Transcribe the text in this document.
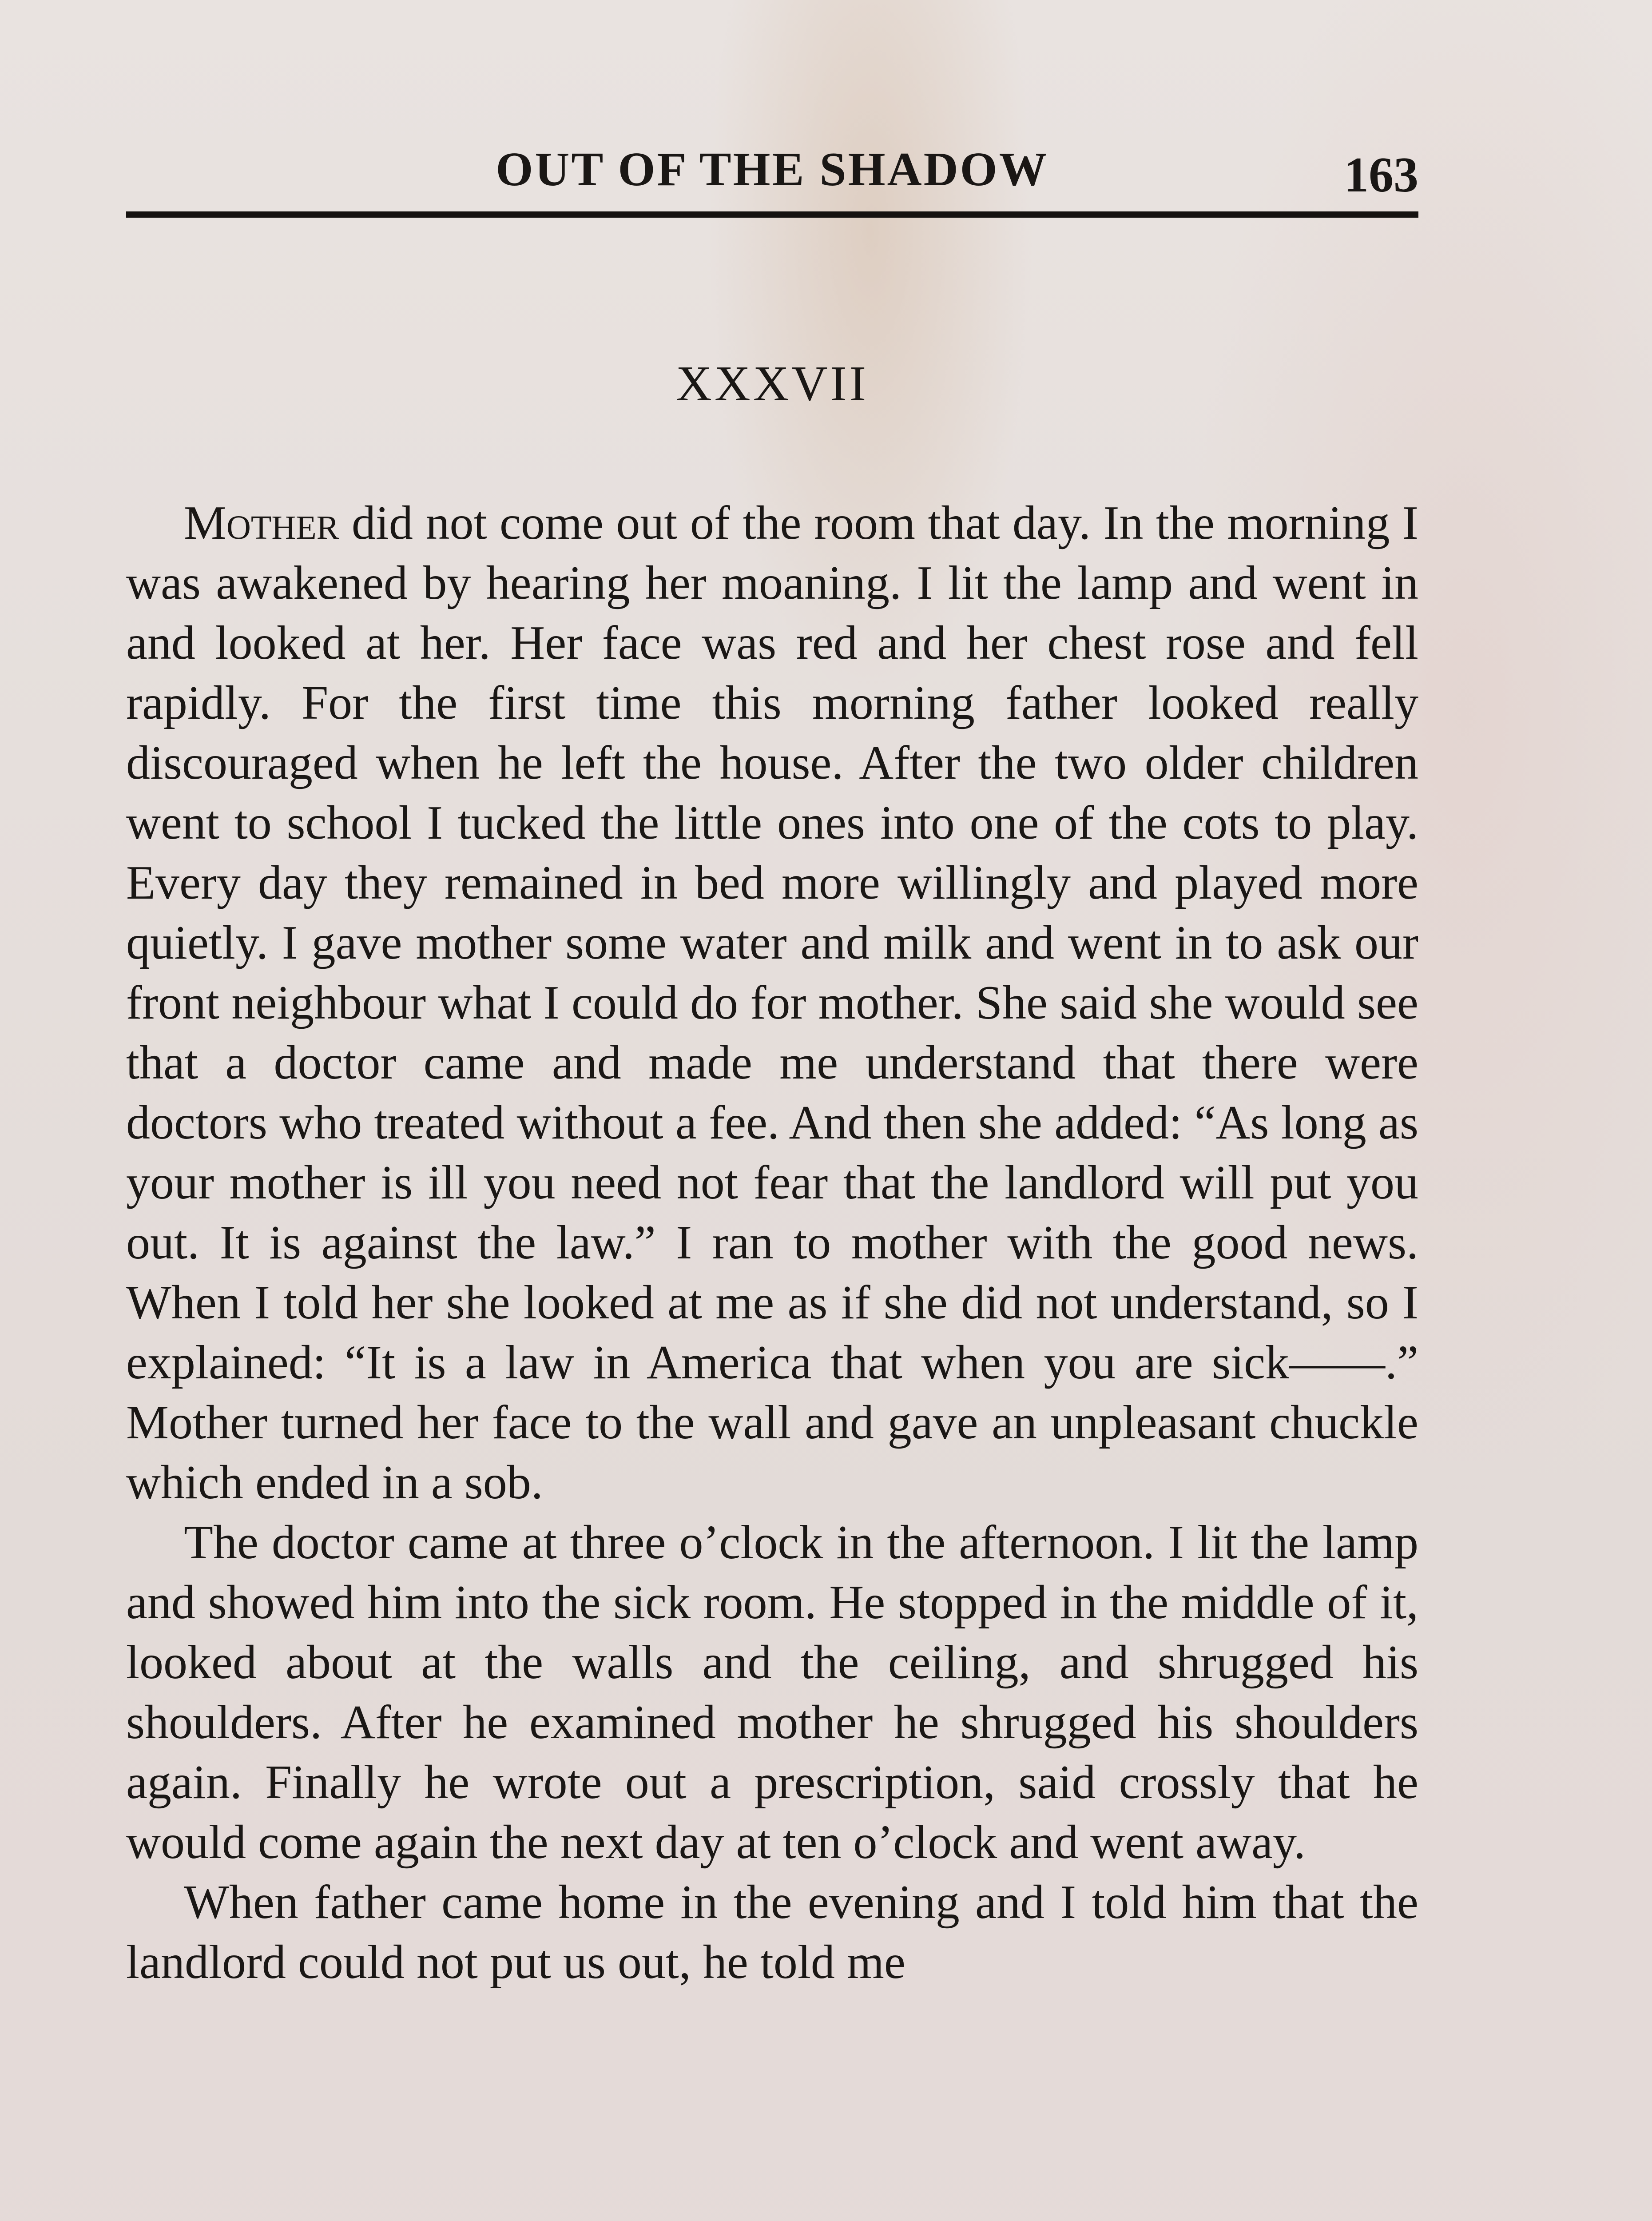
OUT OF THE SHADOW	163
XXXVII

Mother did not come out of the room that day. In the morning I was awakened by hearing her moaning. I lit the lamp and went in and looked at her. Her face was red and her chest rose and fell rapidly. For the first time this morning father looked really discouraged when he left the house. After the two older children went to school I tucked the little ones into one of the cots to play. Every day they remained in bed more willingly and played more quietly. I gave mother some water and milk and went in to ask our front neighbour what I could do for mother. She said she would see that a doctor came and made me understand that there were doctors who treated without a fee. And then she added: “As long as your mother is ill you need not fear that the landlord will put you out. It is against the law.” I ran to mother with the good news. When I told her she looked at me as if she did not understand, so I explained: “It is a law in America that when you are sick——.” Mother turned her face to the wall and gave an unpleasant chuckle which ended in a sob.

The doctor came at three o’clock in the afternoon. I lit the lamp and showed him into the sick room. He stopped in the middle of it, looked about at the walls and the ceiling, and shrugged his shoulders. After he examined mother he shrugged his shoulders again. Finally he wrote out a prescription, said crossly that he would come again the next day at ten o’clock and went away.

When father came home in the evening and I told him that the landlord could not put us out, he told me
